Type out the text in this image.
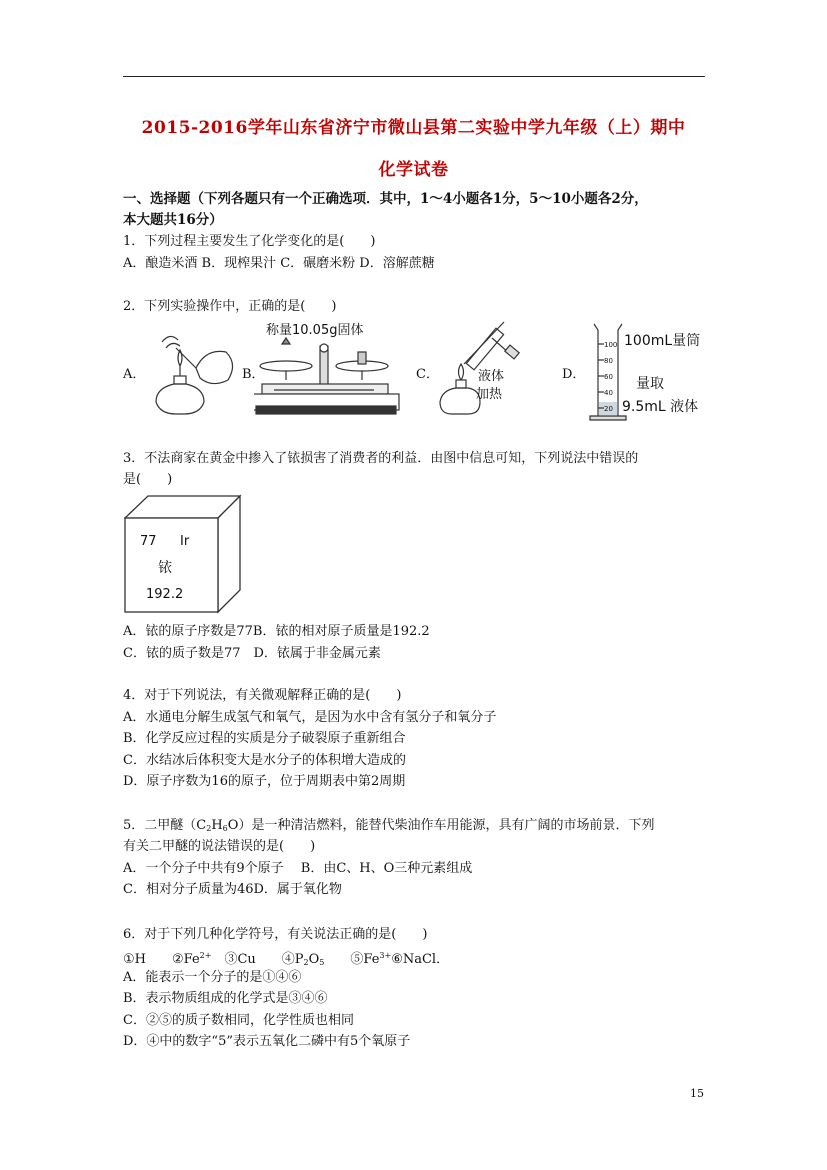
2015-2016学年山东省济宁市微山县第二实验中学九年级（上）期中
化学试卷
一、选择题（下列各题只有一个正确选项．其中，1～4小题各1分，5～10小题各2分，
本大题共16分）
1．下列过程主要发生了化学变化的是(　　)
A．酿造米酒 B．现榨果汁 C．碾磨米粉 D．溶解蔗糖
2．下列实验操作中，正确的是(　　)
A．	B．	C．	D．
称量10.05g固体
液体
加热
100
80
60
40
20
100mL量筒
量取
9.5mL 液体
3．不法商家在黄金中掺入了铱损害了消费者的利益．由图中信息可知，下列说法中错误的
是(　　)
77 Ir
铱
192.2
A．铱的原子序数是77B．铱的相对原子质量是192.2
C．铱的质子数是77　D．铱属于非金属元素
4．对于下列说法，有关微观解释正确的是(　　)
A．水通电分解生成氢气和氧气，是因为水中含有氢分子和氧分子
B．化学反应过程的实质是分子破裂原子重新组合
C．水结冰后体积变大是水分子的体积增大造成的
D．原子序数为16的原子，位于周期表中第2周期
5．二甲醚$(C_2H_6O)$是一种清洁燃料，能替代柴油作车用能源，具有广阔的市场前景．下列
有关二甲醚的说法错误的是(　　)
A．一个分子中共有9个原子　 B．由C、H、O三种元素组成
C．相对分子质量为46D．属于氧化物
6．对于下列几种化学符号，有关说法正确的是(　　)
①H　　$②Fe^{2+}$　③Cu　　$④P_2O_5$　　$⑤Fe^{3+}⑥NaCl$．
A．能表示一个分子的是①④⑥
B．表示物质组成的化学式是③④⑥
C．②⑤的质子数相同，化学性质也相同
D．④中的数字“5”表示五氧化二磷中有5个氧原子
15
